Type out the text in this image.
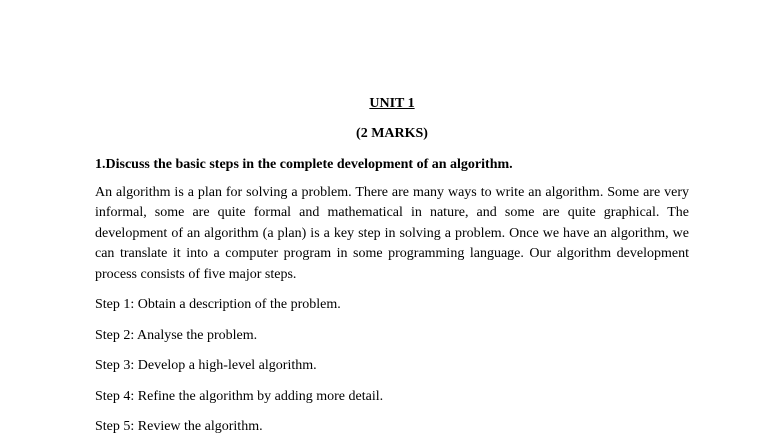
UNIT 1
(2 MARKS)
1.Discuss the basic steps in the complete development of an algorithm.

An algorithm is a plan for solving a problem. There are many ways to write an algorithm. Some are very informal, some are quite formal and mathematical in nature, and some are quite graphical. The development of an algorithm (a plan) is a key step in solving a problem. Once we have an algorithm, we can translate it into a computer program in some programming language. Our algorithm development process consists of five major steps.

Step 1: Obtain a description of the problem.
Step 2: Analyse the problem.
Step 3: Develop a high-level algorithm.
Step 4: Refine the algorithm by adding more detail.
Step 5: Review the algorithm.
